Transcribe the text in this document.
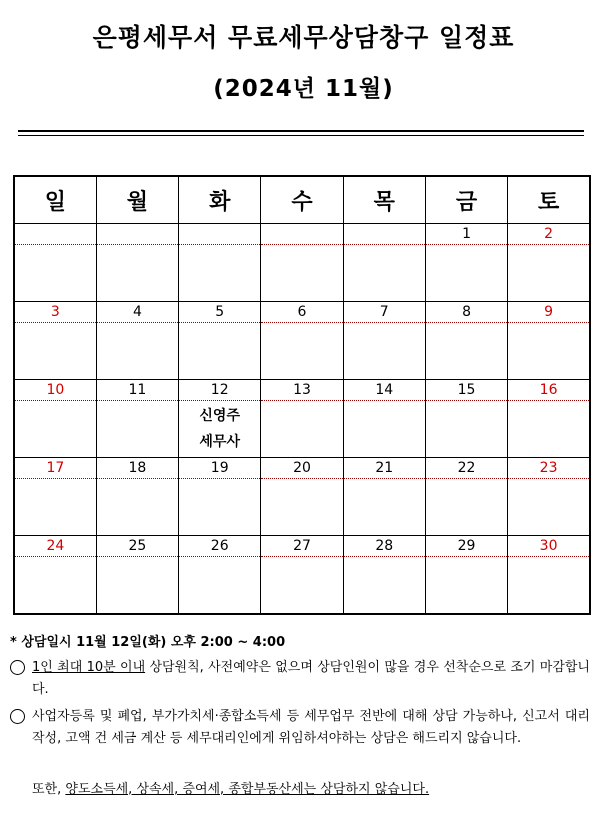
은평세무서 무료세무상담창구 일정표
(2024년 11월)
일	월	화	수	목	금	토
					1	2

3	4	5	6	7	8	9

10	11	12	13	14	15	16

		신영주
세무사				

17	18	19	20	21	22	23

24	25	26	27	28	29	30

* 상담일시 11월 12일(화) 오후 2:00 ~ 4:00
1인 최대 10분 이내 상담원칙, 사전예약은 없으며 상담인원이 많을 경우 선착순으로 조기 마감합니다.
사업자등록 및 폐업, 부가가치세·종합소득세 등 세무업무 전반에 대해 상담 가능하나, 신고서 대리작성, 고액 건 세금 계산 등 세무대리인에게 위임하셔야하는 상담은 해드리지 않습니다.
또한, 양도소득세, 상속세, 증여세, 종합부동산세는 상담하지 않습니다.
